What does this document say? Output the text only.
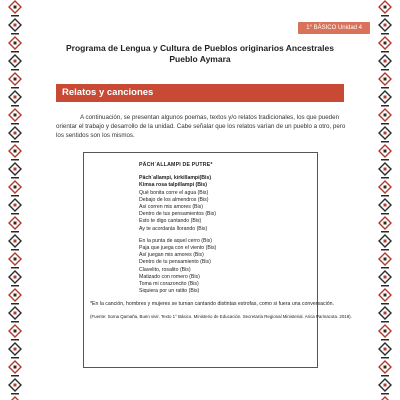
1° BÁSICO Unidad 4
Programa de Lengua y Cultura de Pueblos originarios Ancestrales
Pueblo Aymara
Relatos y canciones

A continuación, se presentan algunos poemas, textos y/o relatos tradicionales, los que pueden orientar el trabajo y desarrollo de la unidad. Cabe señalar que los relatos varían de un pueblo a otro, pero los sentidos son los mismos.

PÄCH´ALLAMPI DE PUTRE*
Päch´allampi, kirkillampi(Bis)
Kimsa rosa talpillampi (Bis)
Qué bonita corre el agua (Bis)
Debajo de los almendros (Bis)
Así corren mis amores (Bis)
Dentro de tus pensamientos (Bis)
Esto te digo cantando (Bis)
Ay te acordarás llorando (Bis)
En la punta de aquel cerro (Bis)
Paja que juega con el viento (Bis)
Así juegan mis amores (Bis)
Dentro de tu pensamiento (Bis)
Clavelito, rosalito (Bis)
Matizado con romero (Bis)
Toma mi corazoncito (Bis)
Siquiera por un ratito (Bis)
*En la canción, hombres y mujeres se turnan cantando distintas estrofas, como si fuera una conversación.
(Fuente: Soma Qamaña, Buen vivir. Texto 1° Básico. Ministerio de Educación. Secretaría Regional Ministerial. Arica Parinacota. 2018).
